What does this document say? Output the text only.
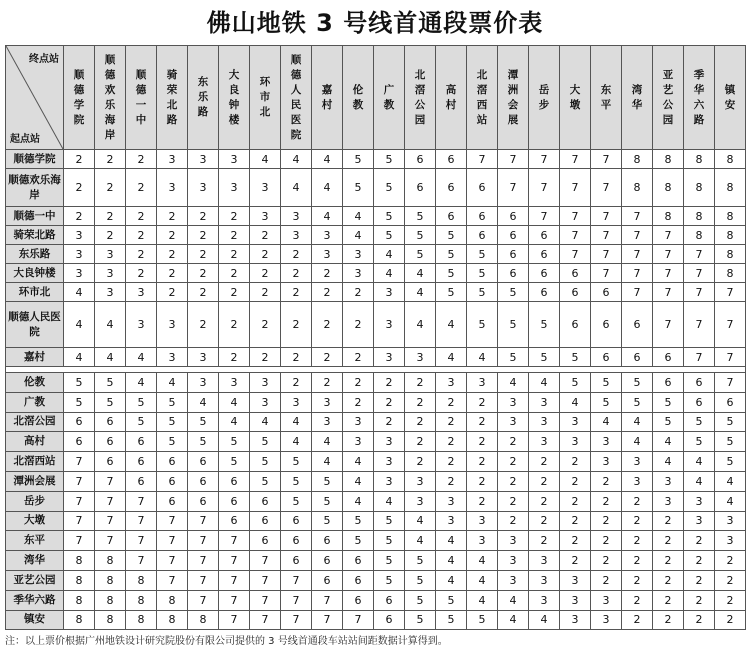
佛山地铁 3 号线首通段票价表
终点站
起点站	顺德学院	顺德欢乐海岸	顺德一中	骑荣北路	东乐路	大良钟楼	环市北	顺德人民医院	嘉村	伦教	广教	北滘公园	高村	北滘西站	潭洲会展	岳步	大墩	东平	湾华	亚艺公园	季华六路	镇安
顺德学院	2	2	2	3	3	3	4	4	4	5	5	6	6	7	7	7	7	7	8	8	8	8
顺德欢乐海岸	2	2	2	3	3	3	3	4	4	5	5	6	6	6	7	7	7	7	8	8	8	8
顺德一中	2	2	2	2	2	2	3	3	4	4	5	5	6	6	6	7	7	7	7	8	8	8
骑荣北路	3	2	2	2	2	2	2	3	3	4	5	5	5	6	6	6	7	7	7	7	8	8
东乐路	3	3	2	2	2	2	2	2	3	3	4	5	5	5	6	6	7	7	7	7	7	8
大良钟楼	3	3	2	2	2	2	2	2	2	3	4	4	5	5	6	6	6	7	7	7	7	8
环市北	4	3	3	2	2	2	2	2	2	2	3	4	5	5	5	6	6	6	7	7	7	7
顺德人民医院	4	4	3	3	2	2	2	2	2	2	3	4	4	5	5	5	6	6	6	7	7	7
嘉村	4	4	4	3	3	2	2	2	2	2	3	3	4	4	5	5	5	6	6	6	7	7

伦教	5	5	4	4	3	3	3	2	2	2	2	2	3	3	4	4	5	5	5	6	6	7
广教	5	5	5	5	4	4	3	3	3	2	2	2	2	2	3	3	4	5	5	5	6	6
北滘公园	6	6	5	5	5	4	4	4	3	3	2	2	2	2	3	3	3	4	4	5	5	5
高村	6	6	6	5	5	5	5	4	4	3	3	2	2	2	2	3	3	3	4	4	5	5
北滘西站	7	6	6	6	6	5	5	5	4	4	3	2	2	2	2	2	2	3	3	4	4	5
潭洲会展	7	7	6	6	6	6	5	5	5	4	3	3	2	2	2	2	2	2	3	3	4	4
岳步	7	7	7	6	6	6	6	5	5	4	4	3	3	2	2	2	2	2	2	3	3	4
大墩	7	7	7	7	7	6	6	6	5	5	5	4	3	3	2	2	2	2	2	2	3	3
东平	7	7	7	7	7	7	6	6	6	5	5	4	4	3	3	2	2	2	2	2	2	3
湾华	8	8	7	7	7	7	7	6	6	6	5	5	4	4	3	3	2	2	2	2	2	2
亚艺公园	8	8	8	7	7	7	7	7	6	6	5	5	4	4	3	3	3	2	2	2	2	2
季华六路	8	8	8	8	7	7	7	7	7	6	6	5	5	4	4	3	3	3	2	2	2	2
镇安	8	8	8	8	8	7	7	7	7	7	6	5	5	5	4	4	3	3	2	2	2	2
注：以上票价根据广州地铁设计研究院股份有限公司提供的 3 号线首通段车站站间距数据计算得到。
